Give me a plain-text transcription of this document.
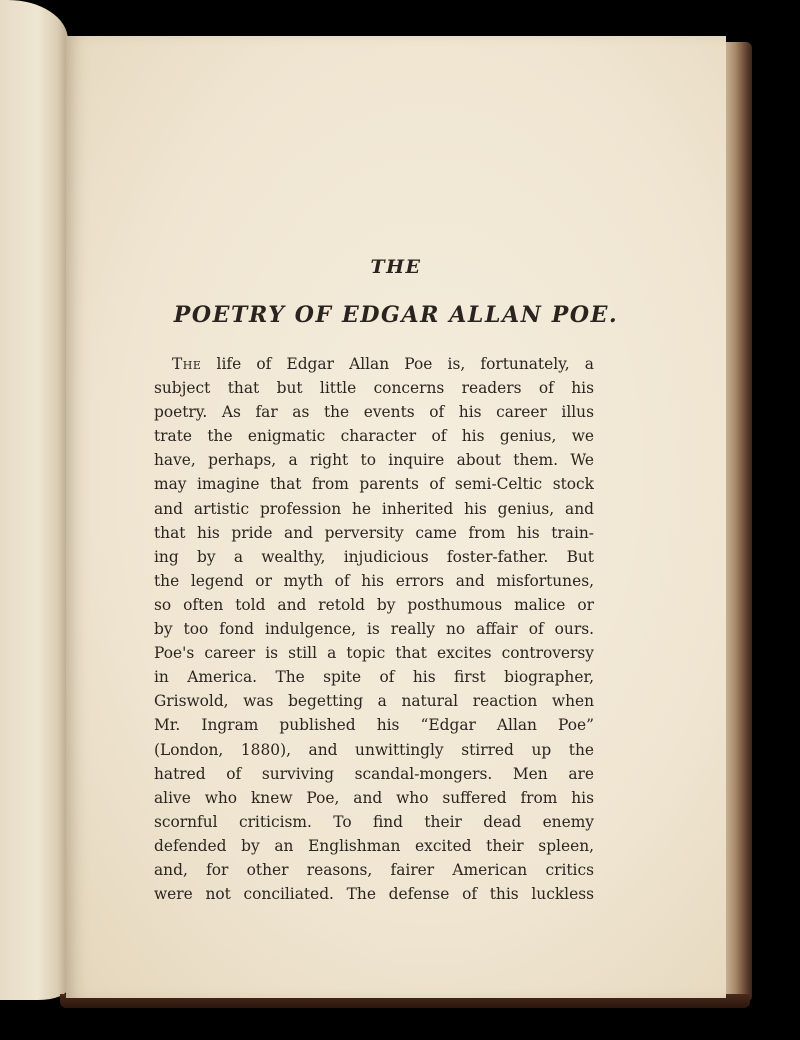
THE
POETRY OF EDGAR ALLAN POE.
The life of Edgar Allan Poe is, fortunately, a
subject that but little concerns readers of his
poetry. As far as the events of his career illus
trate the enigmatic character of his genius, we
have, perhaps, a right to inquire about them. We
may imagine that from parents of semi-Celtic stock
and artistic profession he inherited his genius, and
that his pride and perversity came from his train-
ing by a wealthy, injudicious foster-father. But
the legend or myth of his errors and misfortunes,
so often told and retold by posthumous malice or
by too fond indulgence, is really no affair of ours.
Poe's career is still a topic that excites controversy
in America. The spite of his first biographer,
Griswold, was begetting a natural reaction when
Mr. Ingram published his “Edgar Allan Poe”
(London, 1880), and unwittingly stirred up the
hatred of surviving scandal-mongers. Men are
alive who knew Poe, and who suffered from his
scornful criticism. To find their dead enemy
defended by an Englishman excited their spleen,
and, for other reasons, fairer American critics
were not conciliated. The defense of this luckless
